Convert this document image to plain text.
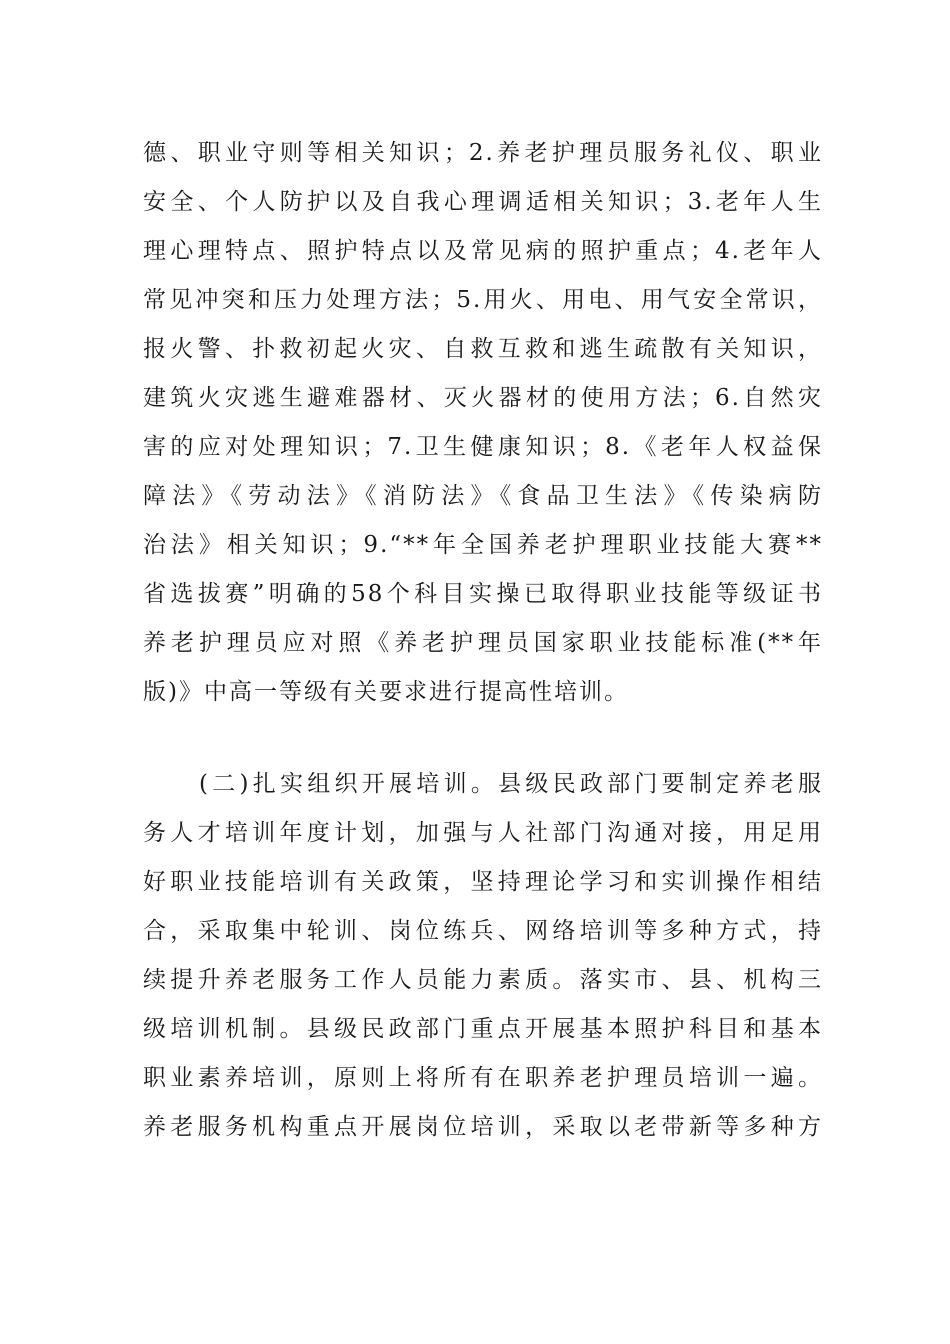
德、职业守则等相关知识；2.养老护理员服务礼仪、职业
安全、个人防护以及自我心理调适相关知识；3.老年人生
理心理特点、照护特点以及常见病的照护重点；4.老年人
常见冲突和压力处理方法；5.用火、用电、用气安全常识，
报火警、扑救初起火灾、自救互救和逃生疏散有关知识，
建筑火灾逃生避难器材、灭火器材的使用方法；6.自然灾
害的应对处理知识；7.卫生健康知识；8.《老年人权益保
障法》《劳动法》《消防法》《食品卫生法》《传染病防
治法》相关知识；9.“**年全国养老护理职业技能大赛**
省选拔赛”明确的58个科目实操已取得职业技能等级证书
养老护理员应对照《养老护理员国家职业技能标准(**年
版)》中高一等级有关要求进行提高性培训。
(二)扎实组织开展培训。县级民政部门要制定养老服
务人才培训年度计划，加强与人社部门沟通对接，用足用
好职业技能培训有关政策，坚持理论学习和实训操作相结
合，采取集中轮训、岗位练兵、网络培训等多种方式，持
续提升养老服务工作人员能力素质。落实市、县、机构三
级培训机制。县级民政部门重点开展基本照护科目和基本
职业素养培训，原则上将所有在职养老护理员培训一遍。
养老服务机构重点开展岗位培训，采取以老带新等多种方
